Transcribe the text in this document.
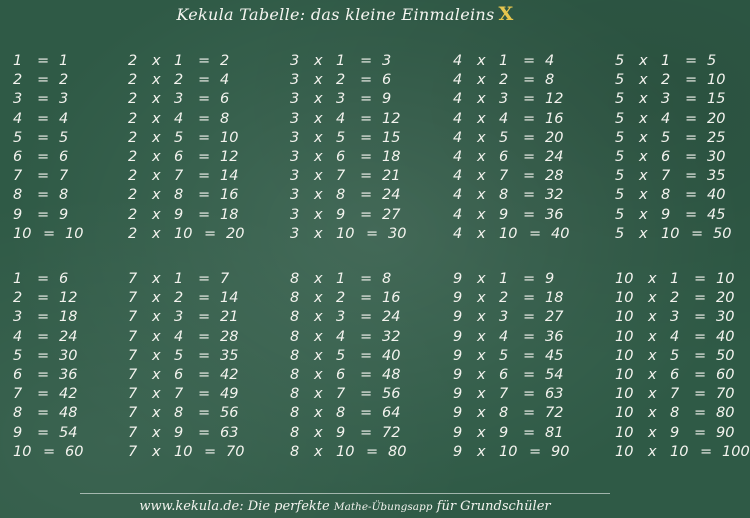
Kekula Tabelle: das kleine Einmaleins X
1 = 1
2 = 2
3 = 3
4 = 4
5 = 5
6 = 6
7 = 7
8 = 8
9 = 9
10 = 10
2 x 1 = 2
2 x 2 = 4
2 x 3 = 6
2 x 4 = 8
2 x 5 = 10
2 x 6 = 12
2 x 7 = 14
2 x 8 = 16
2 x 9 = 18
2 x 10 = 20
3 x 1 = 3
3 x 2 = 6
3 x 3 = 9
3 x 4 = 12
3 x 5 = 15
3 x 6 = 18
3 x 7 = 21
3 x 8 = 24
3 x 9 = 27
3 x 10 = 30
4 x 1 = 4
4 x 2 = 8
4 x 3 = 12
4 x 4 = 16
4 x 5 = 20
4 x 6 = 24
4 x 7 = 28
4 x 8 = 32
4 x 9 = 36
4 x 10 = 40
5 x 1 = 5
5 x 2 = 10
5 x 3 = 15
5 x 4 = 20
5 x 5 = 25
5 x 6 = 30
5 x 7 = 35
5 x 8 = 40
5 x 9 = 45
5 x 10 = 50
1 = 6
2 = 12
3 = 18
4 = 24
5 = 30
6 = 36
7 = 42
8 = 48
9 = 54
10 = 60
7 x 1 = 7
7 x 2 = 14
7 x 3 = 21
7 x 4 = 28
7 x 5 = 35
7 x 6 = 42
7 x 7 = 49
7 x 8 = 56
7 x 9 = 63
7 x 10 = 70
8 x 1 = 8
8 x 2 = 16
8 x 3 = 24
8 x 4 = 32
8 x 5 = 40
8 x 6 = 48
8 x 7 = 56
8 x 8 = 64
8 x 9 = 72
8 x 10 = 80
9 x 1 = 9
9 x 2 = 18
9 x 3 = 27
9 x 4 = 36
9 x 5 = 45
9 x 6 = 54
9 x 7 = 63
9 x 8 = 72
9 x 9 = 81
9 x 10 = 90
10 x 1 = 10
10 x 2 = 20
10 x 3 = 30
10 x 4 = 40
10 x 5 = 50
10 x 6 = 60
10 x 7 = 70
10 x 8 = 80
10 x 9 = 90
10 x 10 = 100
www.kekula.de: Die perfekte Mathe-Übungsapp für Grundschüler
